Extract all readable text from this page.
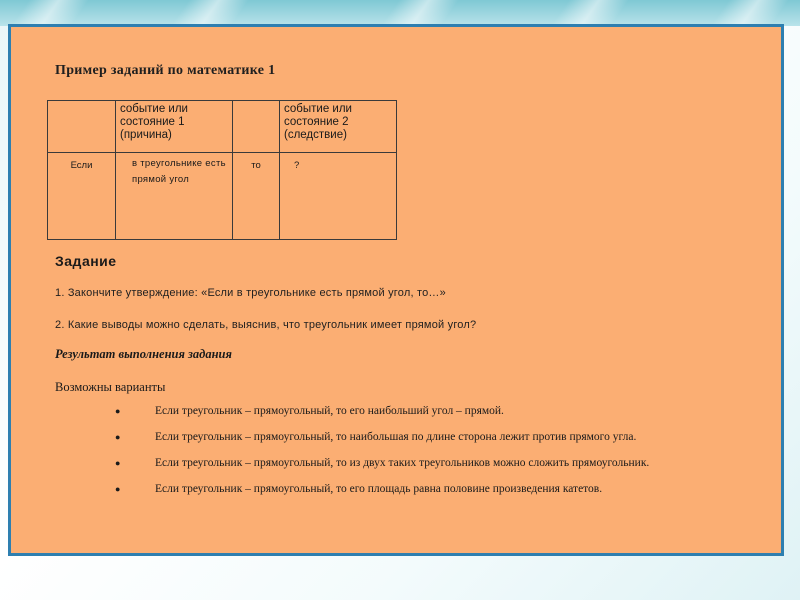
Пример заданий по математике 1

	событие или состояние 1 (причина)		событие или состояние 2 (следствие)

Если	в треугольнике есть прямой угол	то	?
Задание

1. Закончите утверждение: «Если в треугольнике есть прямой угол, то…»

2. Какие выводы можно сделать, выяснив, что треугольник имеет прямой угол?

Результат выполнения задания

Возможны варианты

●	Если треугольник – прямоугольный, то его наибольший угол – прямой.
●	Если треугольник – прямоугольный, то наибольшая по длине сторона лежит против прямого угла.
●	Если треугольник – прямоугольный, то из двух таких треугольников можно сложить прямоугольник.
●	Если треугольник – прямоугольный, то его площадь равна половине произведения катетов.
